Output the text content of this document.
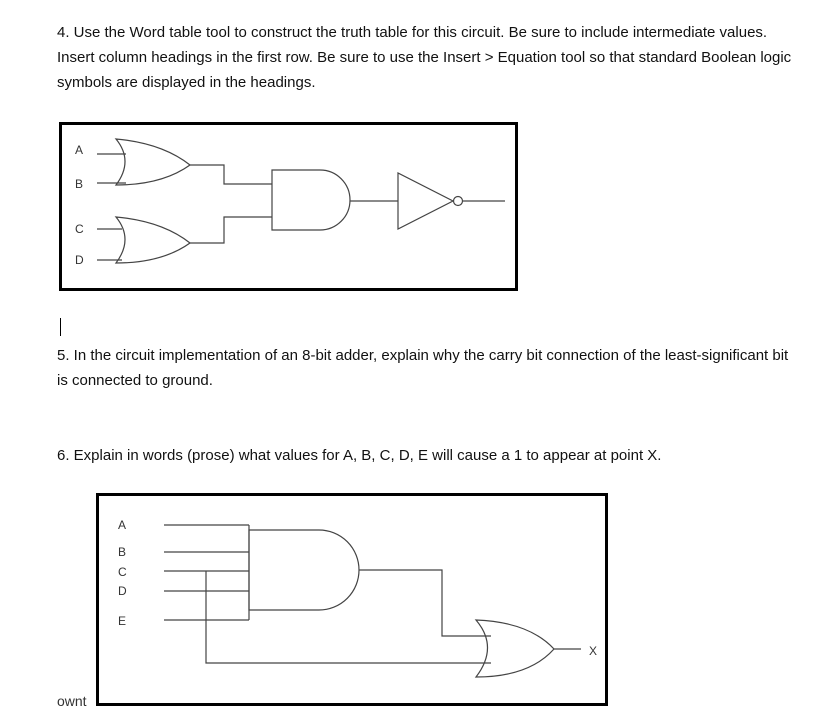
4. Use the Word table tool to construct the truth table for this circuit. Be sure to include intermediate values. Insert column headings in the first row. Be sure to use the Insert > Equation tool so that standard Boolean logic symbols are displayed in the headings.

A
B
C
D

5. In the circuit implementation of an 8-bit adder, explain why the carry bit connection of the least-significant bit is connected to ground.

6. Explain in words (prose) what values for A, B, C, D, E will cause a 1 to appear at point X.

A
B
C
D
E
X
ownt
